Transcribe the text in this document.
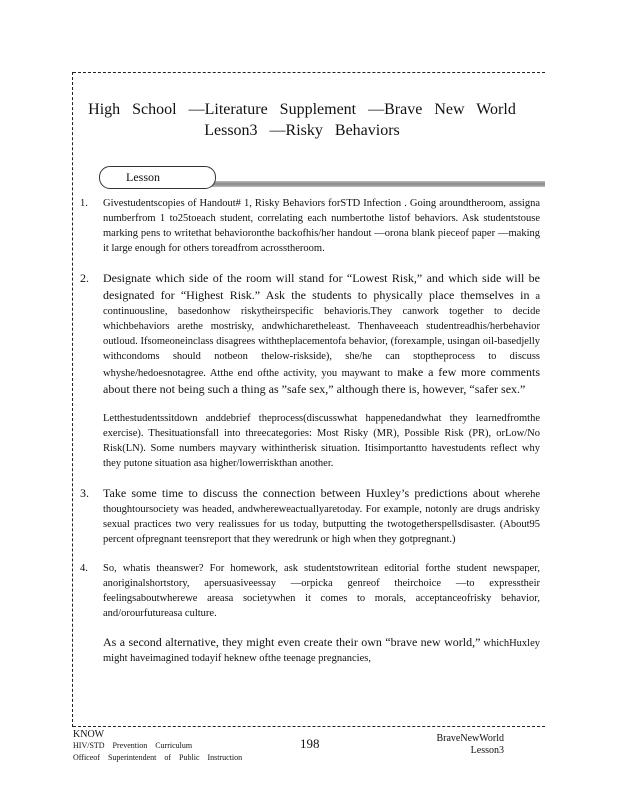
High School —Literature Supplement —Brave New World
Lesson3 —Risky Behaviors
Lesson
1.	Givestudentscopies of Handout# 1, Risky Behaviors forSTD Infection . Going aroundtheroom, assigna numberfrom 1 to25toeach student, correlating each numbertothe listof behaviors. Ask studentstouse marking pens to writethat behavioronthe backofhis/her handout —orona blank pieceof paper —making it large enough for others toreadfrom acrosstheroom.
2.	Designate which side of the room will stand for “Lowest Risk,” and which side will be designated for “Highest Risk.” Ask the students to physically place themselves in a continuousline, basedonhow riskytheirspecific behavioris.They canwork together to decide whichbehaviors arethe mostrisky, andwhicharetheleast. Thenhaveeach studentreadhis/herbehavior outloud. Ifsomeoneinclass disagrees withtheplacementofa behavior, (forexample, usingan oil-basedjelly withcondoms should notbeon thelow-riskside), she/he can stoptheprocess to discuss whyshe/hedoesnotagree. Atthe end ofthe activity, you maywant to make a few more comments about there not being such a thing as ”safe sex,” although there is, however, “safer sex.”
Letthestudentssitdown anddebrief theprocess(discusswhat happenedandwhat they learnedfromthe exercise). Thesituationsfall into threecategories: Most Risky (MR), Possible Risk (PR), orLow/No Risk(LN). Some numbers mayvary withintherisk situation. Itisimportantto havestudents reflect why they putone situation asa higher/lowerriskthan another.
3.	Take some time to discuss the connection between Huxley’s predictions about wherehe thoughtoursociety was headed, andwhereweactuallyaretoday. For example, notonly are drugs andrisky sexual practices two very realissues for us today, butputting the twotogetherspellsdisaster. (About95 percent ofpregnant teensreport that they weredrunk or high when they gotpregnant.)
4.	So, whatis theanswer? For homework, ask studentstowritean editorial forthe student newspaper, anoriginalshortstory, apersuasiveessay —orpicka genreof theirchoice —to expresstheir feelingsaboutwherewe areasa societywhen it comes to morals, acceptanceofrisky behavior, and/orourfutureasa culture.
As a second alternative, they might even create their own “brave new world,” whichHuxley might haveimagined todayif heknew ofthe teenage pregnancies,
KNOW
HIV/STD Prevention Curriculum
Officeof Superintendent of Public Instruction
198	BraveNewWorld
Lesson3
